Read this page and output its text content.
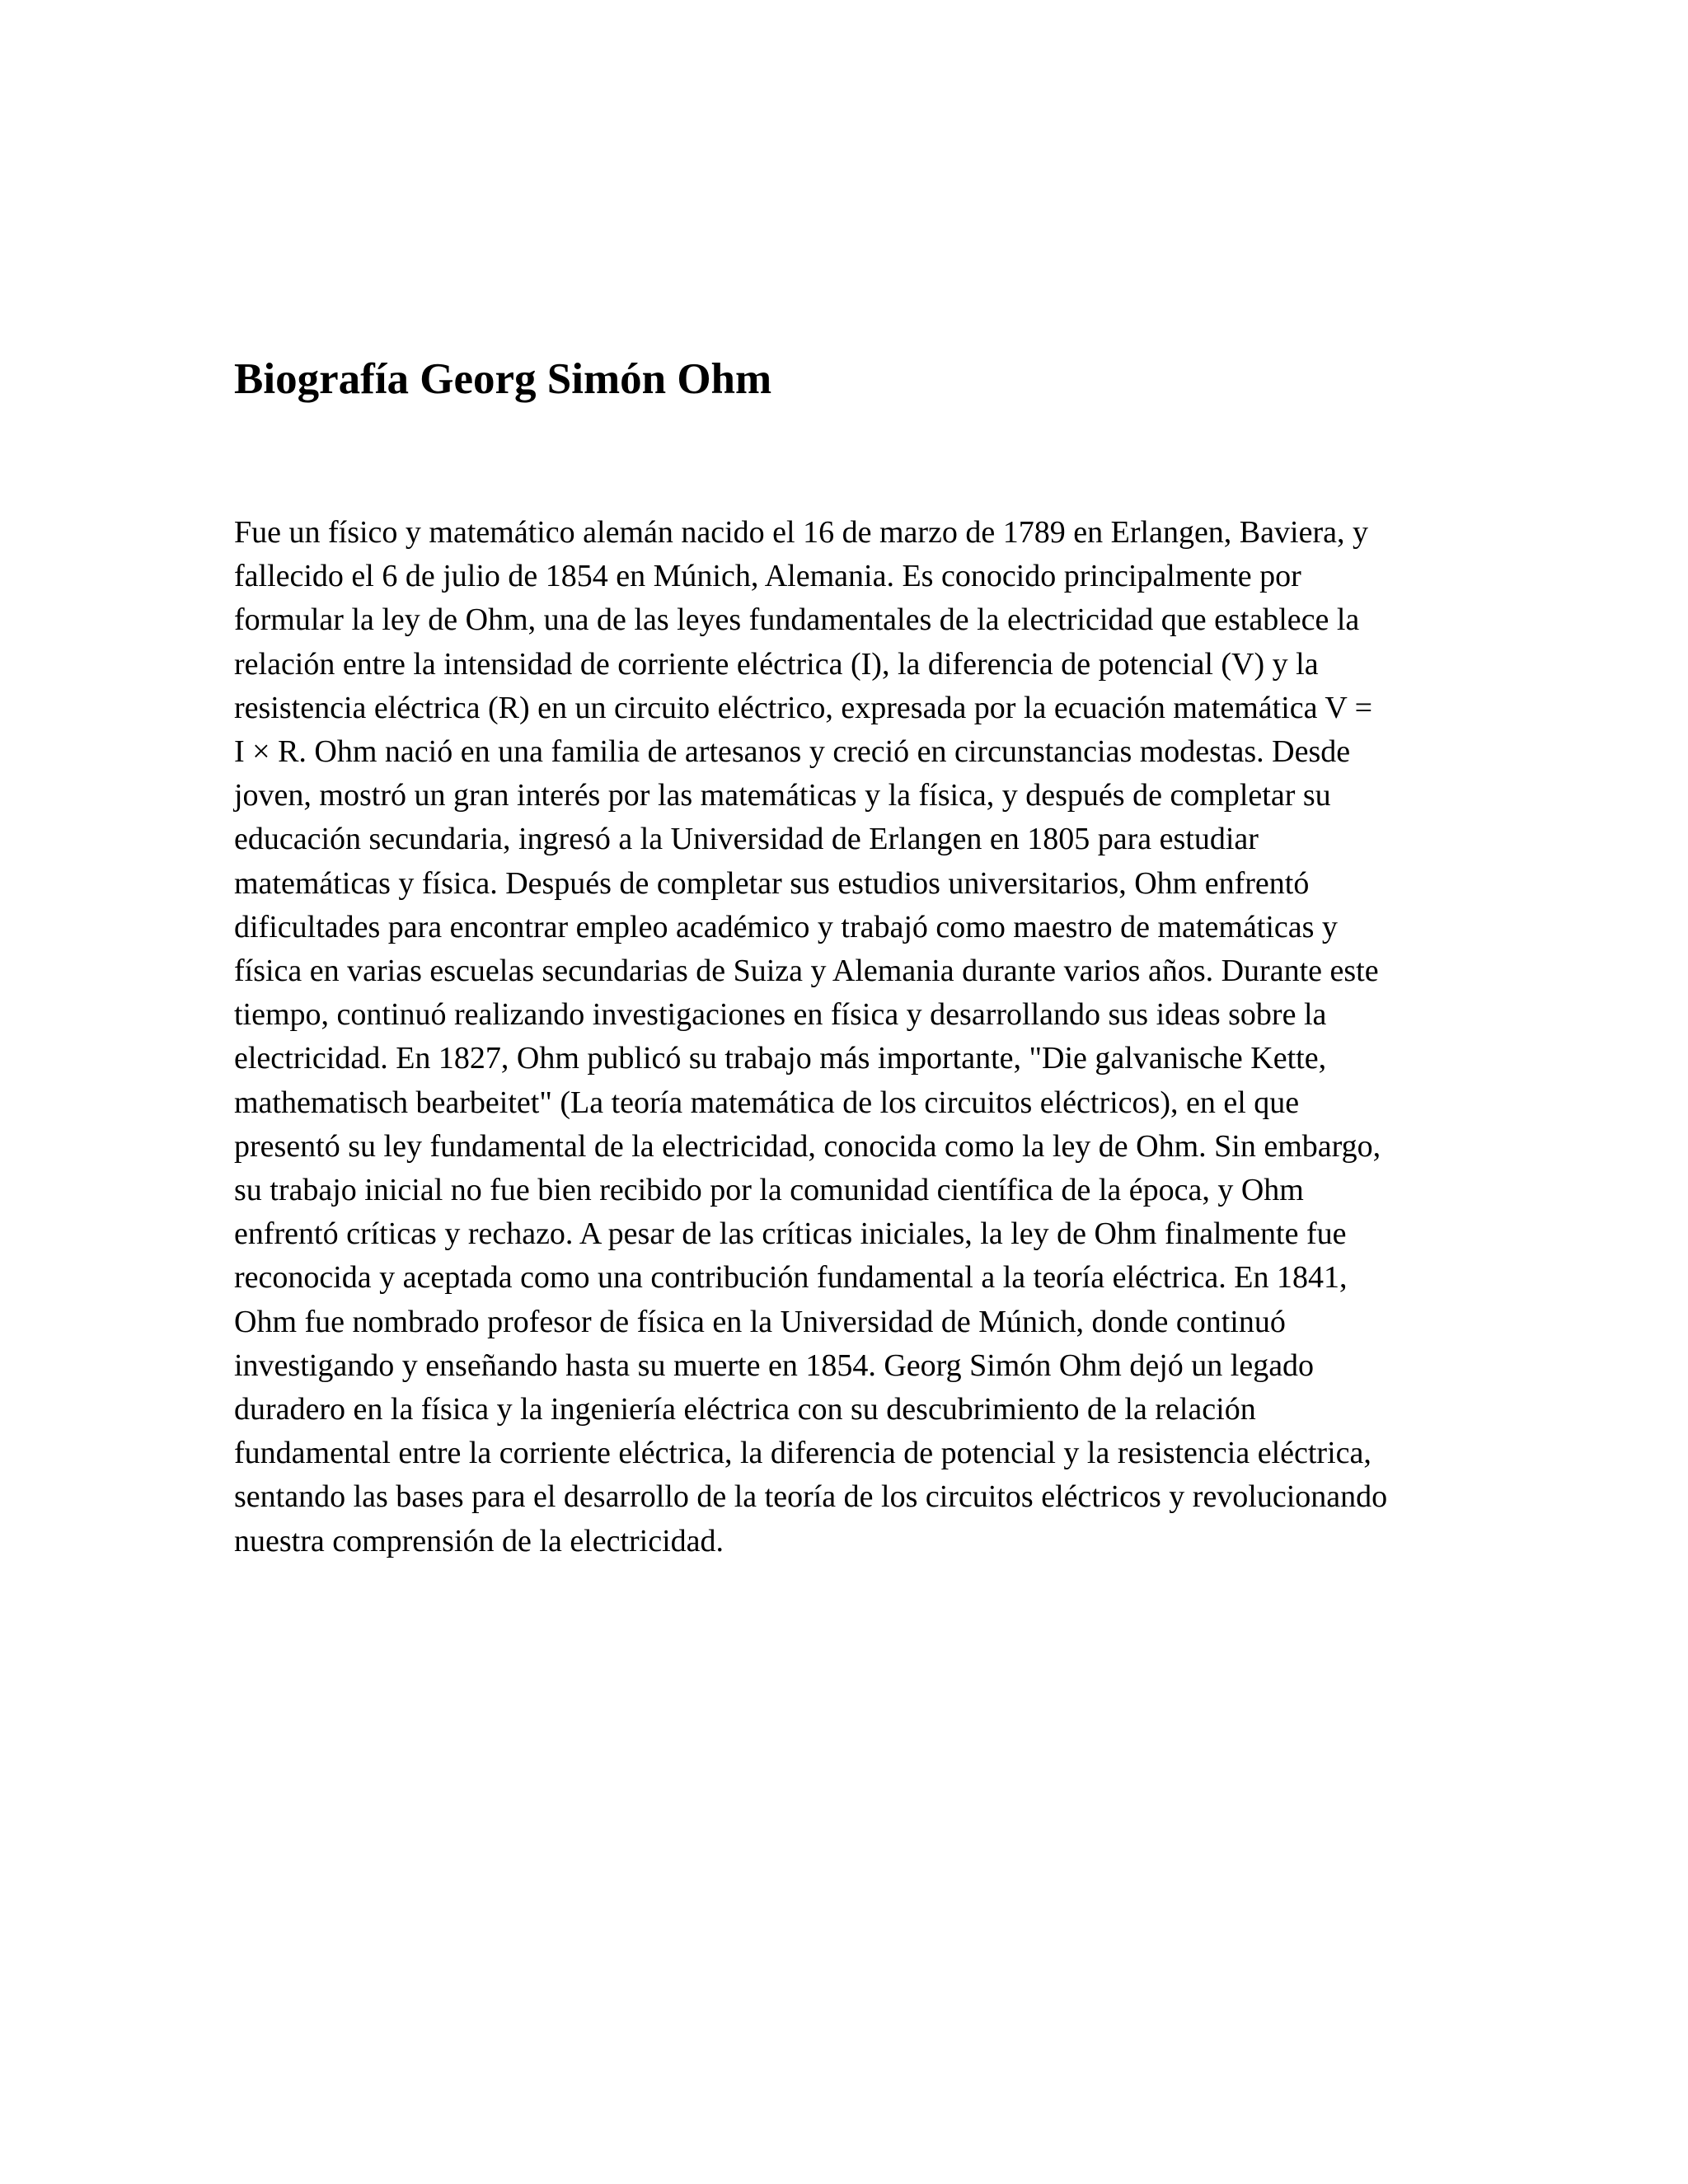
Biografía Georg Simón Ohm

Fue un físico y matemático alemán nacido el 16 de marzo de 1789 en Erlangen, Baviera, y
fallecido el 6 de julio de 1854 en Múnich, Alemania. Es conocido principalmente por
formular la ley de Ohm, una de las leyes fundamentales de la electricidad que establece la
relación entre la intensidad de corriente eléctrica (I), la diferencia de potencial (V) y la
resistencia eléctrica (R) en un circuito eléctrico, expresada por la ecuación matemática V =
I × R. Ohm nació en una familia de artesanos y creció en circunstancias modestas. Desde
joven, mostró un gran interés por las matemáticas y la física, y después de completar su
educación secundaria, ingresó a la Universidad de Erlangen en 1805 para estudiar
matemáticas y física. Después de completar sus estudios universitarios, Ohm enfrentó
dificultades para encontrar empleo académico y trabajó como maestro de matemáticas y
física en varias escuelas secundarias de Suiza y Alemania durante varios años. Durante este
tiempo, continuó realizando investigaciones en física y desarrollando sus ideas sobre la
electricidad. En 1827, Ohm publicó su trabajo más importante, "Die galvanische Kette,
mathematisch bearbeitet" (La teoría matemática de los circuitos eléctricos), en el que
presentó su ley fundamental de la electricidad, conocida como la ley de Ohm. Sin embargo,
su trabajo inicial no fue bien recibido por la comunidad científica de la época, y Ohm
enfrentó críticas y rechazo. A pesar de las críticas iniciales, la ley de Ohm finalmente fue
reconocida y aceptada como una contribución fundamental a la teoría eléctrica. En 1841,
Ohm fue nombrado profesor de física en la Universidad de Múnich, donde continuó
investigando y enseñando hasta su muerte en 1854. Georg Simón Ohm dejó un legado
duradero en la física y la ingeniería eléctrica con su descubrimiento de la relación
fundamental entre la corriente eléctrica, la diferencia de potencial y la resistencia eléctrica,
sentando las bases para el desarrollo de la teoría de los circuitos eléctricos y revolucionando
nuestra comprensión de la electricidad.
